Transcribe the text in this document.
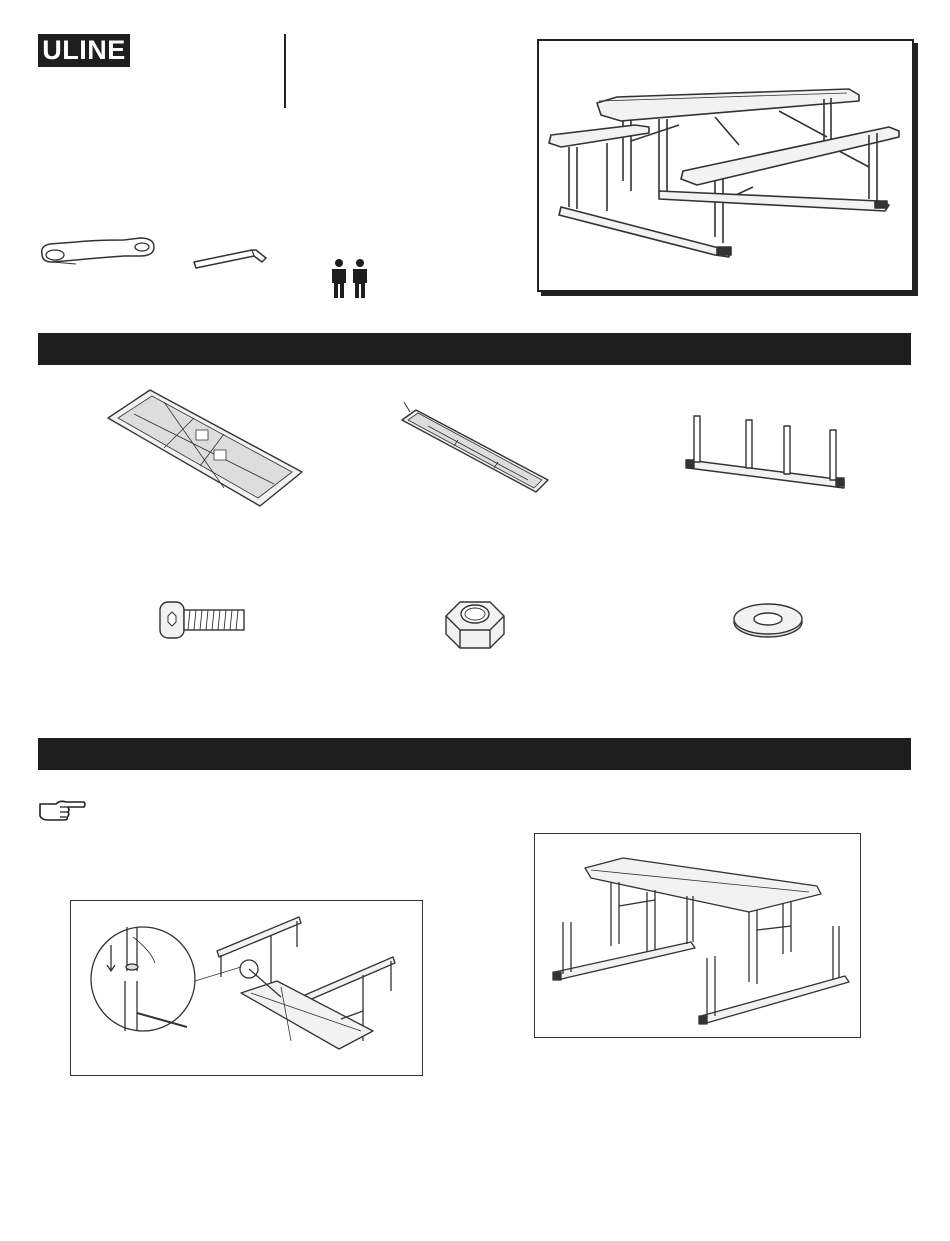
ULINE
